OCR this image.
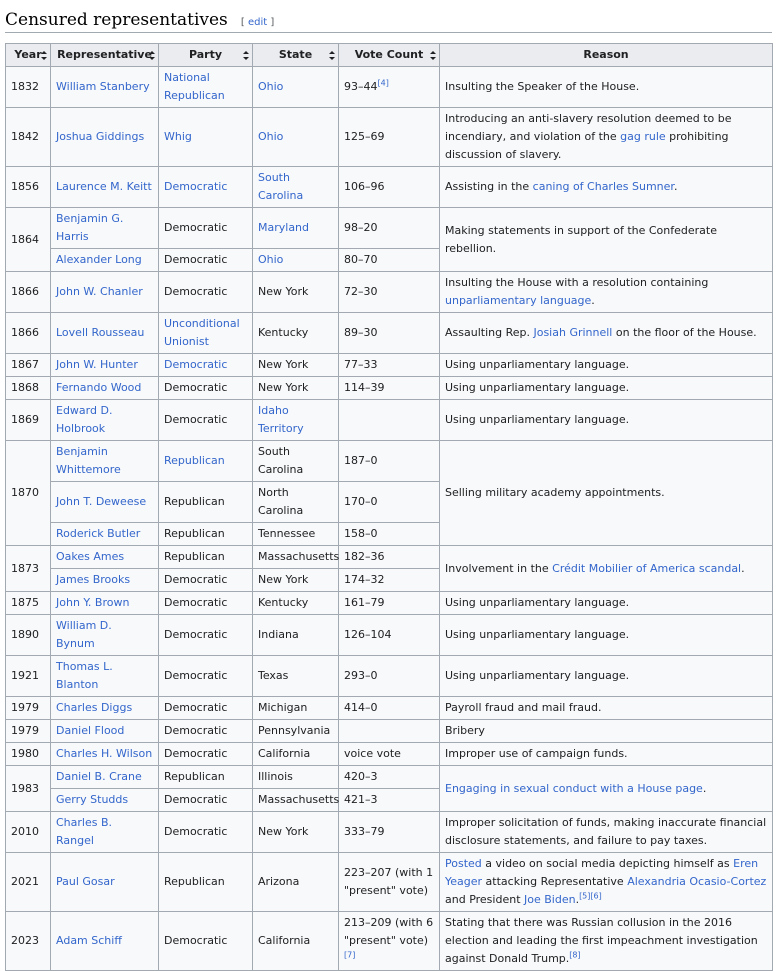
Censured representatives [ edit ]
Year	Representative	Party	State	Vote Count	Reason
1832	William Stanbery	National Republican	Ohio	93–44[4]	Insulting the Speaker of the House.
1842	Joshua Giddings	Whig	Ohio	125–69	Introducing an anti-slavery resolution deemed to be incendiary, and violation of the gag rule prohibiting discussion of slavery.
1856	Laurence M. Keitt	Democratic	South Carolina	106–96	Assisting in the caning of Charles Sumner.
1864	Benjamin G. Harris	Democratic	Maryland	98–20	Making statements in support of the Confederate rebellion.
	Alexander Long	Democratic	Ohio	80–70	
1866	John W. Chanler	Democratic	New York	72–30	Insulting the House with a resolution containing unparliamentary language.
1866	Lovell Rousseau	Unconditional Unionist	Kentucky	89–30	Assaulting Rep. Josiah Grinnell on the floor of the House.
1867	John W. Hunter	Democratic	New York	77–33	Using unparliamentary language.
1868	Fernando Wood	Democratic	New York	114–39	Using unparliamentary language.
1869	Edward D. Holbrook	Democratic	Idaho Territory		Using unparliamentary language.
1870	Benjamin Whittemore	Republican	South Carolina	187–0	Selling military academy appointments.
	John T. Deweese	Republican	North Carolina	170–0	
	Roderick Butler	Republican	Tennessee	158–0	
1873	Oakes Ames	Republican	Massachusetts	182–36	Involvement in the Crédit Mobilier of America scandal.
	James Brooks	Democratic	New York	174–32	
1875	John Y. Brown	Democratic	Kentucky	161–79	Using unparliamentary language.
1890	William D. Bynum	Democratic	Indiana	126–104	Using unparliamentary language.
1921	Thomas L. Blanton	Democratic	Texas	293–0	Using unparliamentary language.
1979	Charles Diggs	Democratic	Michigan	414–0	Payroll fraud and mail fraud.
1979	Daniel Flood	Democratic	Pennsylvania		Bribery
1980	Charles H. Wilson	Democratic	California	voice vote	Improper use of campaign funds.
1983	Daniel B. Crane	Republican	Illinois	420–3	Engaging in sexual conduct with a House page.
	Gerry Studds	Democratic	Massachusetts	421–3	
2010	Charles B. Rangel	Democratic	New York	333–79	Improper solicitation of funds, making inaccurate financial disclosure statements, and failure to pay taxes.
2021	Paul Gosar	Republican	Arizona	223–207 (with 1 "present" vote)	Posted a video on social media depicting himself as Eren Yeager attacking Representative Alexandria Ocasio-Cortez and President Joe Biden.[5][6]
2023	Adam Schiff	Democratic	California	213–209 (with 6 "present" vote) [7]	Stating that there was Russian collusion in the 2016 election and leading the first impeachment investigation against Donald Trump.[8]
